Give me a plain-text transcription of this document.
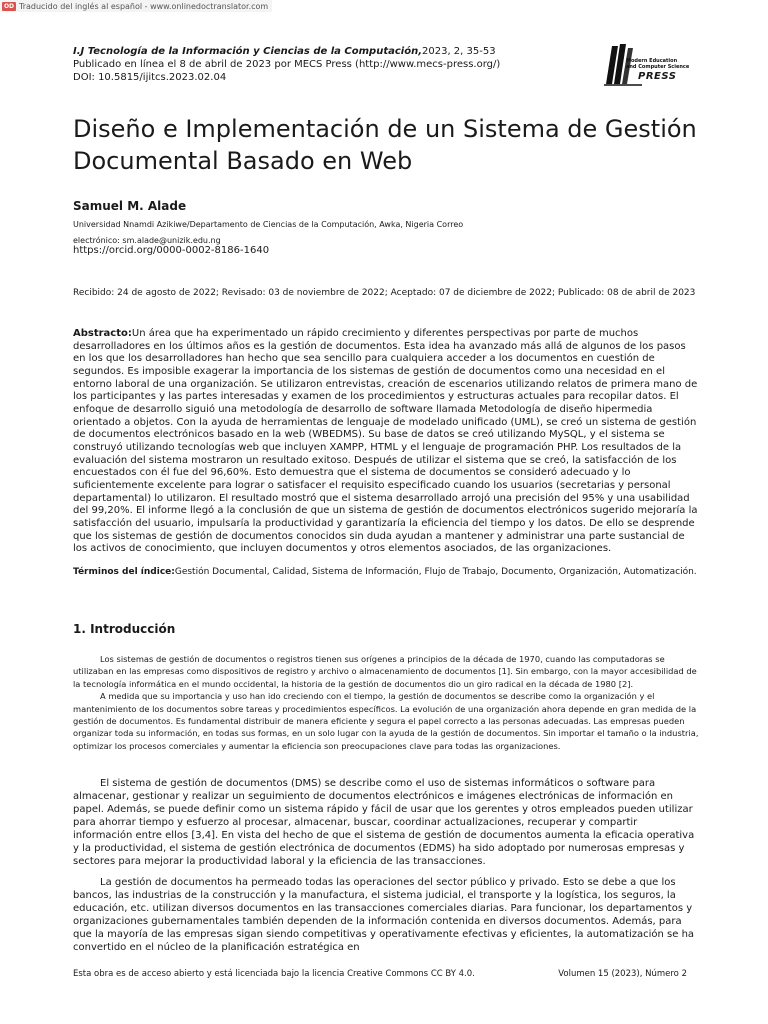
OD Traducido del inglés al español - www.onlinedoctranslator.com
I.J Tecnología de la Información y Ciencias de la Computación,2023, 2, 35-53
Publicado en línea el 8 de abril de 2023 por MECS Press (http://www.mecs-press.org/)
DOI: 10.5815/ijitcs.2023.02.04
Modern Education
and Computer Science
PRESS
Diseño e Implementación de un Sistema de Gestión Documental Basado en Web
Samuel M. Alade
Universidad Nnamdi Azikiwe/Departamento de Ciencias de la Computación, Awka, Nigeria Correo
electrónico: sm.alade@unizik.edu.ng
https://orcid.org/0000-0002-8186-1640
Recibido: 24 de agosto de 2022; Revisado: 03 de noviembre de 2022; Aceptado: 07 de diciembre de 2022; Publicado: 08 de abril de 2023

Abstracto:Un área que ha experimentado un rápido crecimiento y diferentes perspectivas por parte de muchos desarrolladores en los últimos años es la gestión de documentos. Esta idea ha avanzado más allá de algunos de los pasos en los que los desarrolladores han hecho que sea sencillo para cualquiera acceder a los documentos en cuestión de segundos. Es imposible exagerar la importancia de los sistemas de gestión de documentos como una necesidad en el entorno laboral de una organización. Se utilizaron entrevistas, creación de escenarios utilizando relatos de primera mano de los participantes y las partes interesadas y examen de los procedimientos y estructuras actuales para recopilar datos. El enfoque de desarrollo siguió una metodología de desarrollo de software llamada Metodología de diseño hipermedia orientado a objetos. Con la ayuda de herramientas de lenguaje de modelado unificado (UML), se creó un sistema de gestión de documentos electrónicos basado en la web (WBEDMS). Su base de datos se creó utilizando MySQL, y el sistema se construyó utilizando tecnologías web que incluyen XAMPP, HTML y el lenguaje de programación PHP. Los resultados de la evaluación del sistema mostraron un resultado exitoso. Después de utilizar el sistema que se creó, la satisfacción de los encuestados con él fue del 96,60%. Esto demuestra que el sistema de documentos se consideró adecuado y lo suficientemente excelente para lograr o satisfacer el requisito especificado cuando los usuarios (secretarias y personal departamental) lo utilizaron. El resultado mostró que el sistema desarrollado arrojó una precisión del 95% y una usabilidad del 99,20%. El informe llegó a la conclusión de que un sistema de gestión de documentos electrónicos sugerido mejoraría la satisfacción del usuario, impulsaría la productividad y garantizaría la eficiencia del tiempo y los datos. De ello se desprende que los sistemas de gestión de documentos conocidos sin duda ayudan a mantener y administrar una parte sustancial de los activos de conocimiento, que incluyen documentos y otros elementos asociados, de las organizaciones.

Términos del índice:Gestión Documental, Calidad, Sistema de Información, Flujo de Trabajo, Documento, Organización, Automatización.

1. Introducción

Los sistemas de gestión de documentos o registros tienen sus orígenes a principios de la década de 1970, cuando las computadoras se utilizaban en las empresas como dispositivos de registro y archivo o almacenamiento de documentos [1]. Sin embargo, con la mayor accesibilidad de la tecnología informática en el mundo occidental, la historia de la gestión de documentos dio un giro radical en la década de 1980 [2].

A medida que su importancia y uso han ido creciendo con el tiempo, la gestión de documentos se describe como la organización y el mantenimiento de los documentos sobre tareas y procedimientos específicos. La evolución de una organización ahora depende en gran medida de la gestión de documentos. Es fundamental distribuir de manera eficiente y segura el papel correcto a las personas adecuadas. Las empresas pueden organizar toda su información, en todas sus formas, en un solo lugar con la ayuda de la gestión de documentos. Sin importar el tamaño o la industria, optimizar los procesos comerciales y aumentar la eficiencia son preocupaciones clave para todas las organizaciones.

El sistema de gestión de documentos (DMS) se describe como el uso de sistemas informáticos o software para almacenar, gestionar y realizar un seguimiento de documentos electrónicos e imágenes electrónicas de información en papel. Además, se puede definir como un sistema rápido y fácil de usar que los gerentes y otros empleados pueden utilizar para ahorrar tiempo y esfuerzo al procesar, almacenar, buscar, coordinar actualizaciones, recuperar y compartir información entre ellos [3,4]. En vista del hecho de que el sistema de gestión de documentos aumenta la eficacia operativa y la productividad, el sistema de gestión electrónica de documentos (EDMS) ha sido adoptado por numerosas empresas y sectores para mejorar la productividad laboral y la eficiencia de las transacciones.

La gestión de documentos ha permeado todas las operaciones del sector público y privado. Esto se debe a que los bancos, las industrias de la construcción y la manufactura, el sistema judicial, el transporte y la logística, los seguros, la educación, etc. utilizan diversos documentos en las transacciones comerciales diarias. Para funcionar, los departamentos y organizaciones gubernamentales también dependen de la información contenida en diversos documentos. Además, para que la mayoría de las empresas sigan siendo competitivas y operativamente efectivas y eficientes, la automatización se ha convertido en el núcleo de la planificación estratégica en

Esta obra es de acceso abierto y está licenciada bajo la licencia Creative Commons CC BY 4.0.	Volumen 15 (2023), Número 2
